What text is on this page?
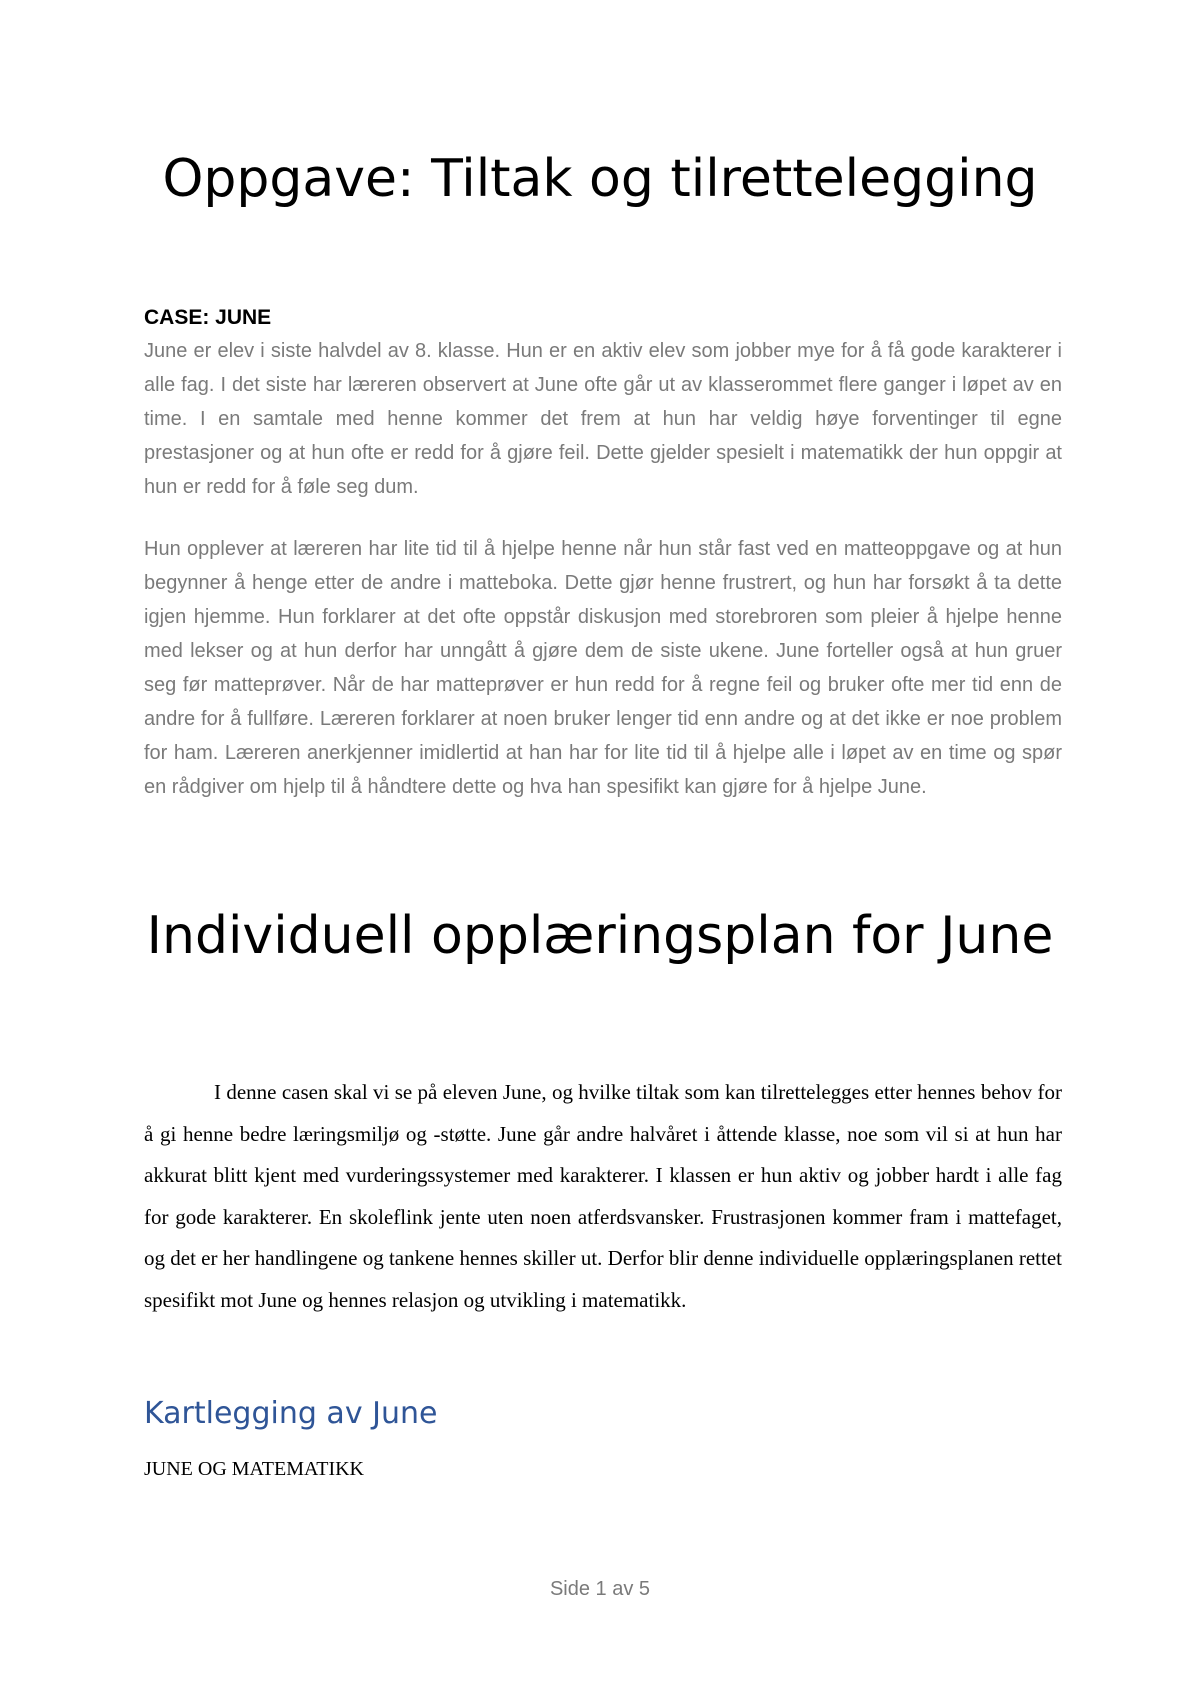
Oppgave: Tiltak og tilrettelegging

CASE: JUNE

June er elev i siste halvdel av 8. klasse. Hun er en aktiv elev som jobber mye for å få gode karakterer i alle fag. I det siste har læreren observert at June ofte går ut av klasserommet flere ganger i løpet av en time. I en samtale med henne kommer det frem at hun har veldig høye forventinger til egne prestasjoner og at hun ofte er redd for å gjøre feil. Dette gjelder spesielt i matematikk der hun oppgir at hun er redd for å føle seg dum.

Hun opplever at læreren har lite tid til å hjelpe henne når hun står fast ved en matteoppgave og at hun begynner å henge etter de andre i matteboka. Dette gjør henne frustrert, og hun har forsøkt å ta dette igjen hjemme. Hun forklarer at det ofte oppstår diskusjon med storebroren som pleier å hjelpe henne med lekser og at hun derfor har unngått å gjøre dem de siste ukene. June forteller også at hun gruer seg før matteprøver. Når de har matteprøver er hun redd for å regne feil og bruker ofte mer tid enn de andre for å fullføre. Læreren forklarer at noen bruker lenger tid enn andre og at det ikke er noe problem for ham. Læreren anerkjenner imidlertid at han har for lite tid til å hjelpe alle i løpet av en time og spør en rådgiver om hjelp til å håndtere dette og hva han spesifikt kan gjøre for å hjelpe June.

Individuell opplæringsplan for June

I denne casen skal vi se på eleven June, og hvilke tiltak som kan tilrettelegges etter hennes behov for å gi henne bedre læringsmiljø og -støtte. June går andre halvåret i åttende klasse, noe som vil si at hun har akkurat blitt kjent med vurderingssystemer med karakterer. I klassen er hun aktiv og jobber hardt i alle fag for gode karakterer. En skoleflink jente uten noen atferdsvansker. Frustrasjonen kommer fram i mattefaget, og det er her handlingene og tankene hennes skiller ut. Derfor blir denne individuelle opplæringsplanen rettet spesifikt mot June og hennes relasjon og utvikling i matematikk.

Kartlegging av June

JUNE OG MATEMATIKK

Side 1 av 5
